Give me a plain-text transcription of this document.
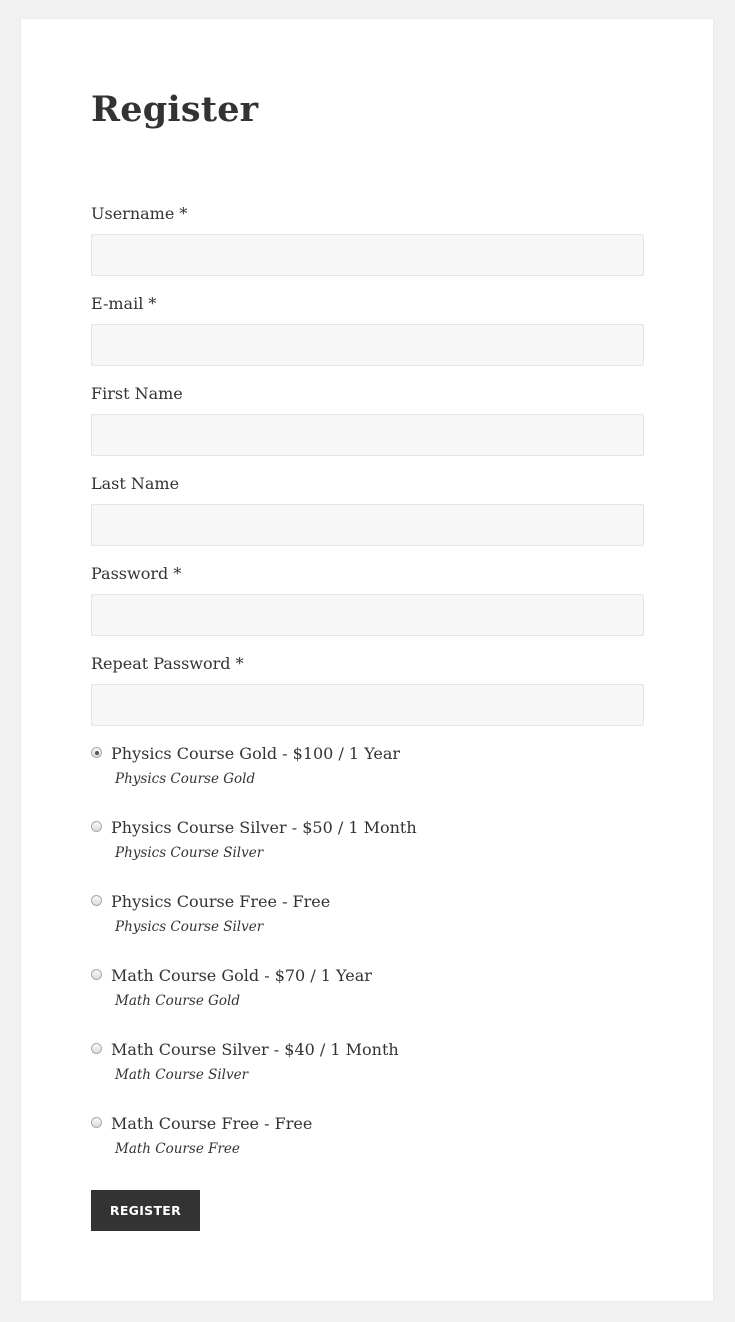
Register
Username *
E-mail *
First Name
Last Name
Password *
Repeat Password *
Physics Course Gold - $100 / 1 Year
Physics Course Gold
Physics Course Silver - $50 / 1 Month
Physics Course Silver
Physics Course Free - Free
Physics Course Silver
Math Course Gold - $70 / 1 Year
Math Course Gold
Math Course Silver - $40 / 1 Month
Math Course Silver
Math Course Free - Free
Math Course Free
REGISTER
